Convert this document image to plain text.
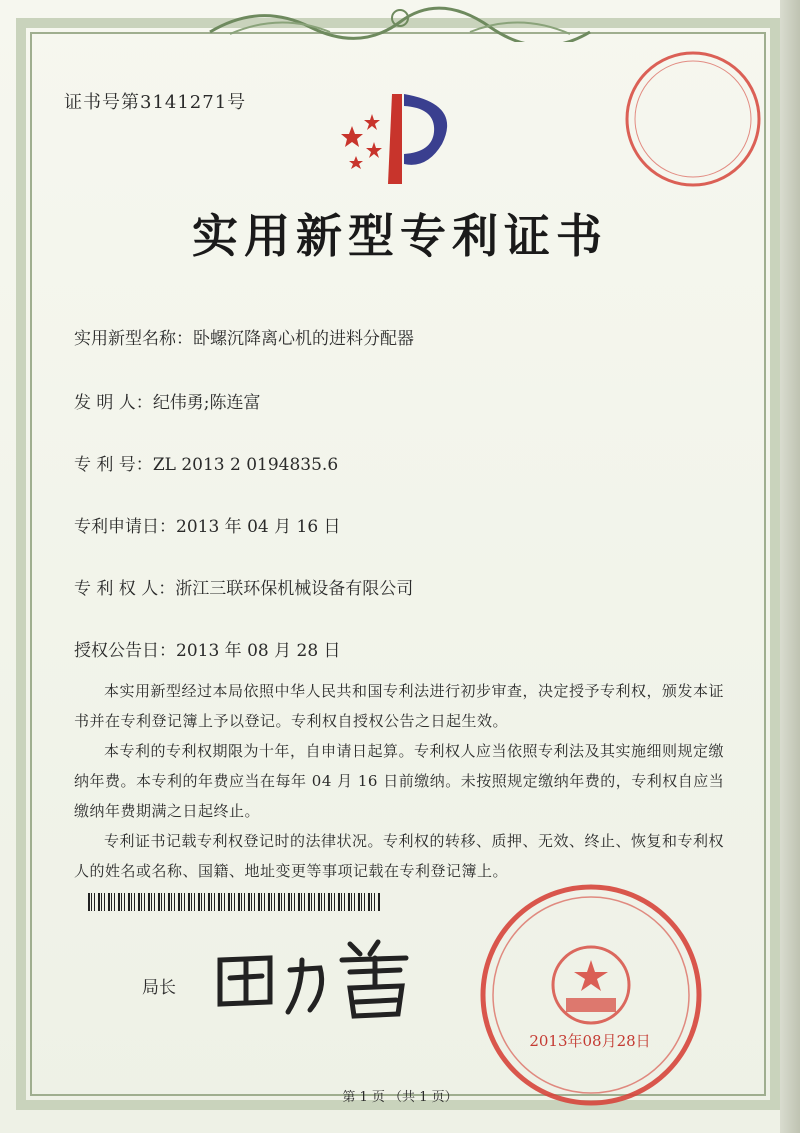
证书号第3141271号
实用新型专利证书
实用新型名称：卧螺沉降离心机的进料分配器
发 明 人：纪伟勇;陈连富
专 利 号：ZL 2013 2 0194835.6
专利申请日：2013 年 04 月 16 日
专 利 权 人：浙江三联环保机械设备有限公司
授权公告日：2013 年 08 月 28 日
本实用新型经过本局依照中华人民共和国专利法进行初步审查，决定授予专利权，颁发本证书并在专利登记簿上予以登记。专利权自授权公告之日起生效。
本专利的专利权期限为十年，自申请日起算。专利权人应当依照专利法及其实施细则规定缴纳年费。本专利的年费应当在每年 04 月 16 日前缴纳。未按照规定缴纳年费的，专利权自应当缴纳年费期满之日起终止。
专利证书记载专利权登记时的法律状况。专利权的转移、质押、无效、终止、恢复和专利权人的姓名或名称、国籍、地址变更等事项记载在专利登记簿上。
局长
2013年08月28日
第 1 页 （共 1 页）
